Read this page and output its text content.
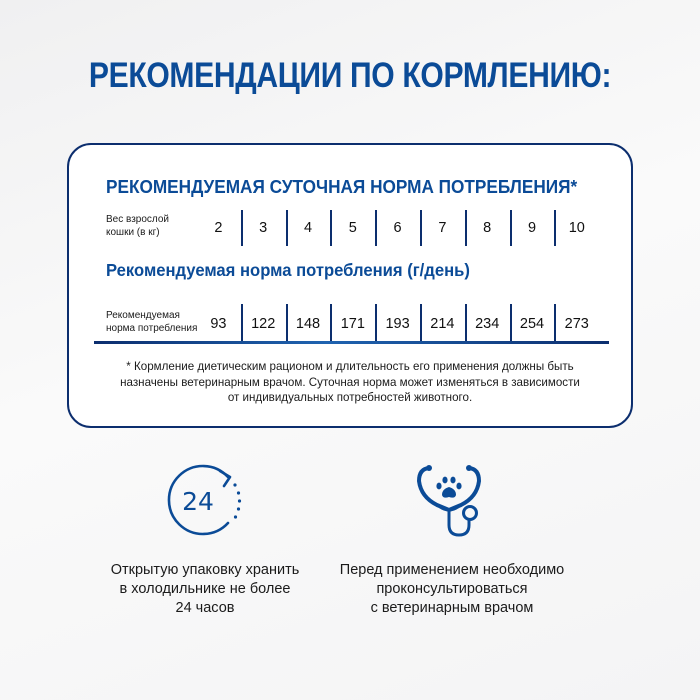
РЕКОМЕНДАЦИИ ПО КОРМЛЕНИЮ:
РЕКОМЕНДУЕМАЯ СУТОЧНАЯ НОРМА ПОТРЕБЛЕНИЯ*
Вес взрослой
кошки (в кг)	2	3	4	5	6	7	8	9	10
Рекомендуемая норма потребления (г/день)
Рекомендуемая
норма потребления 93	122	148	171	193	214	234	254	273
* Кормление диетическим рационом и длительность его применения должны быть
назначены ветеринарным врачом. Суточная норма может изменяться в зависимости
от индивидуальных потребностей животного.
24
Открытую упаковку хранить
в холодильнике не более
24 часов
Перед применением необходимо
проконсультироваться
с ветеринарным врачом
